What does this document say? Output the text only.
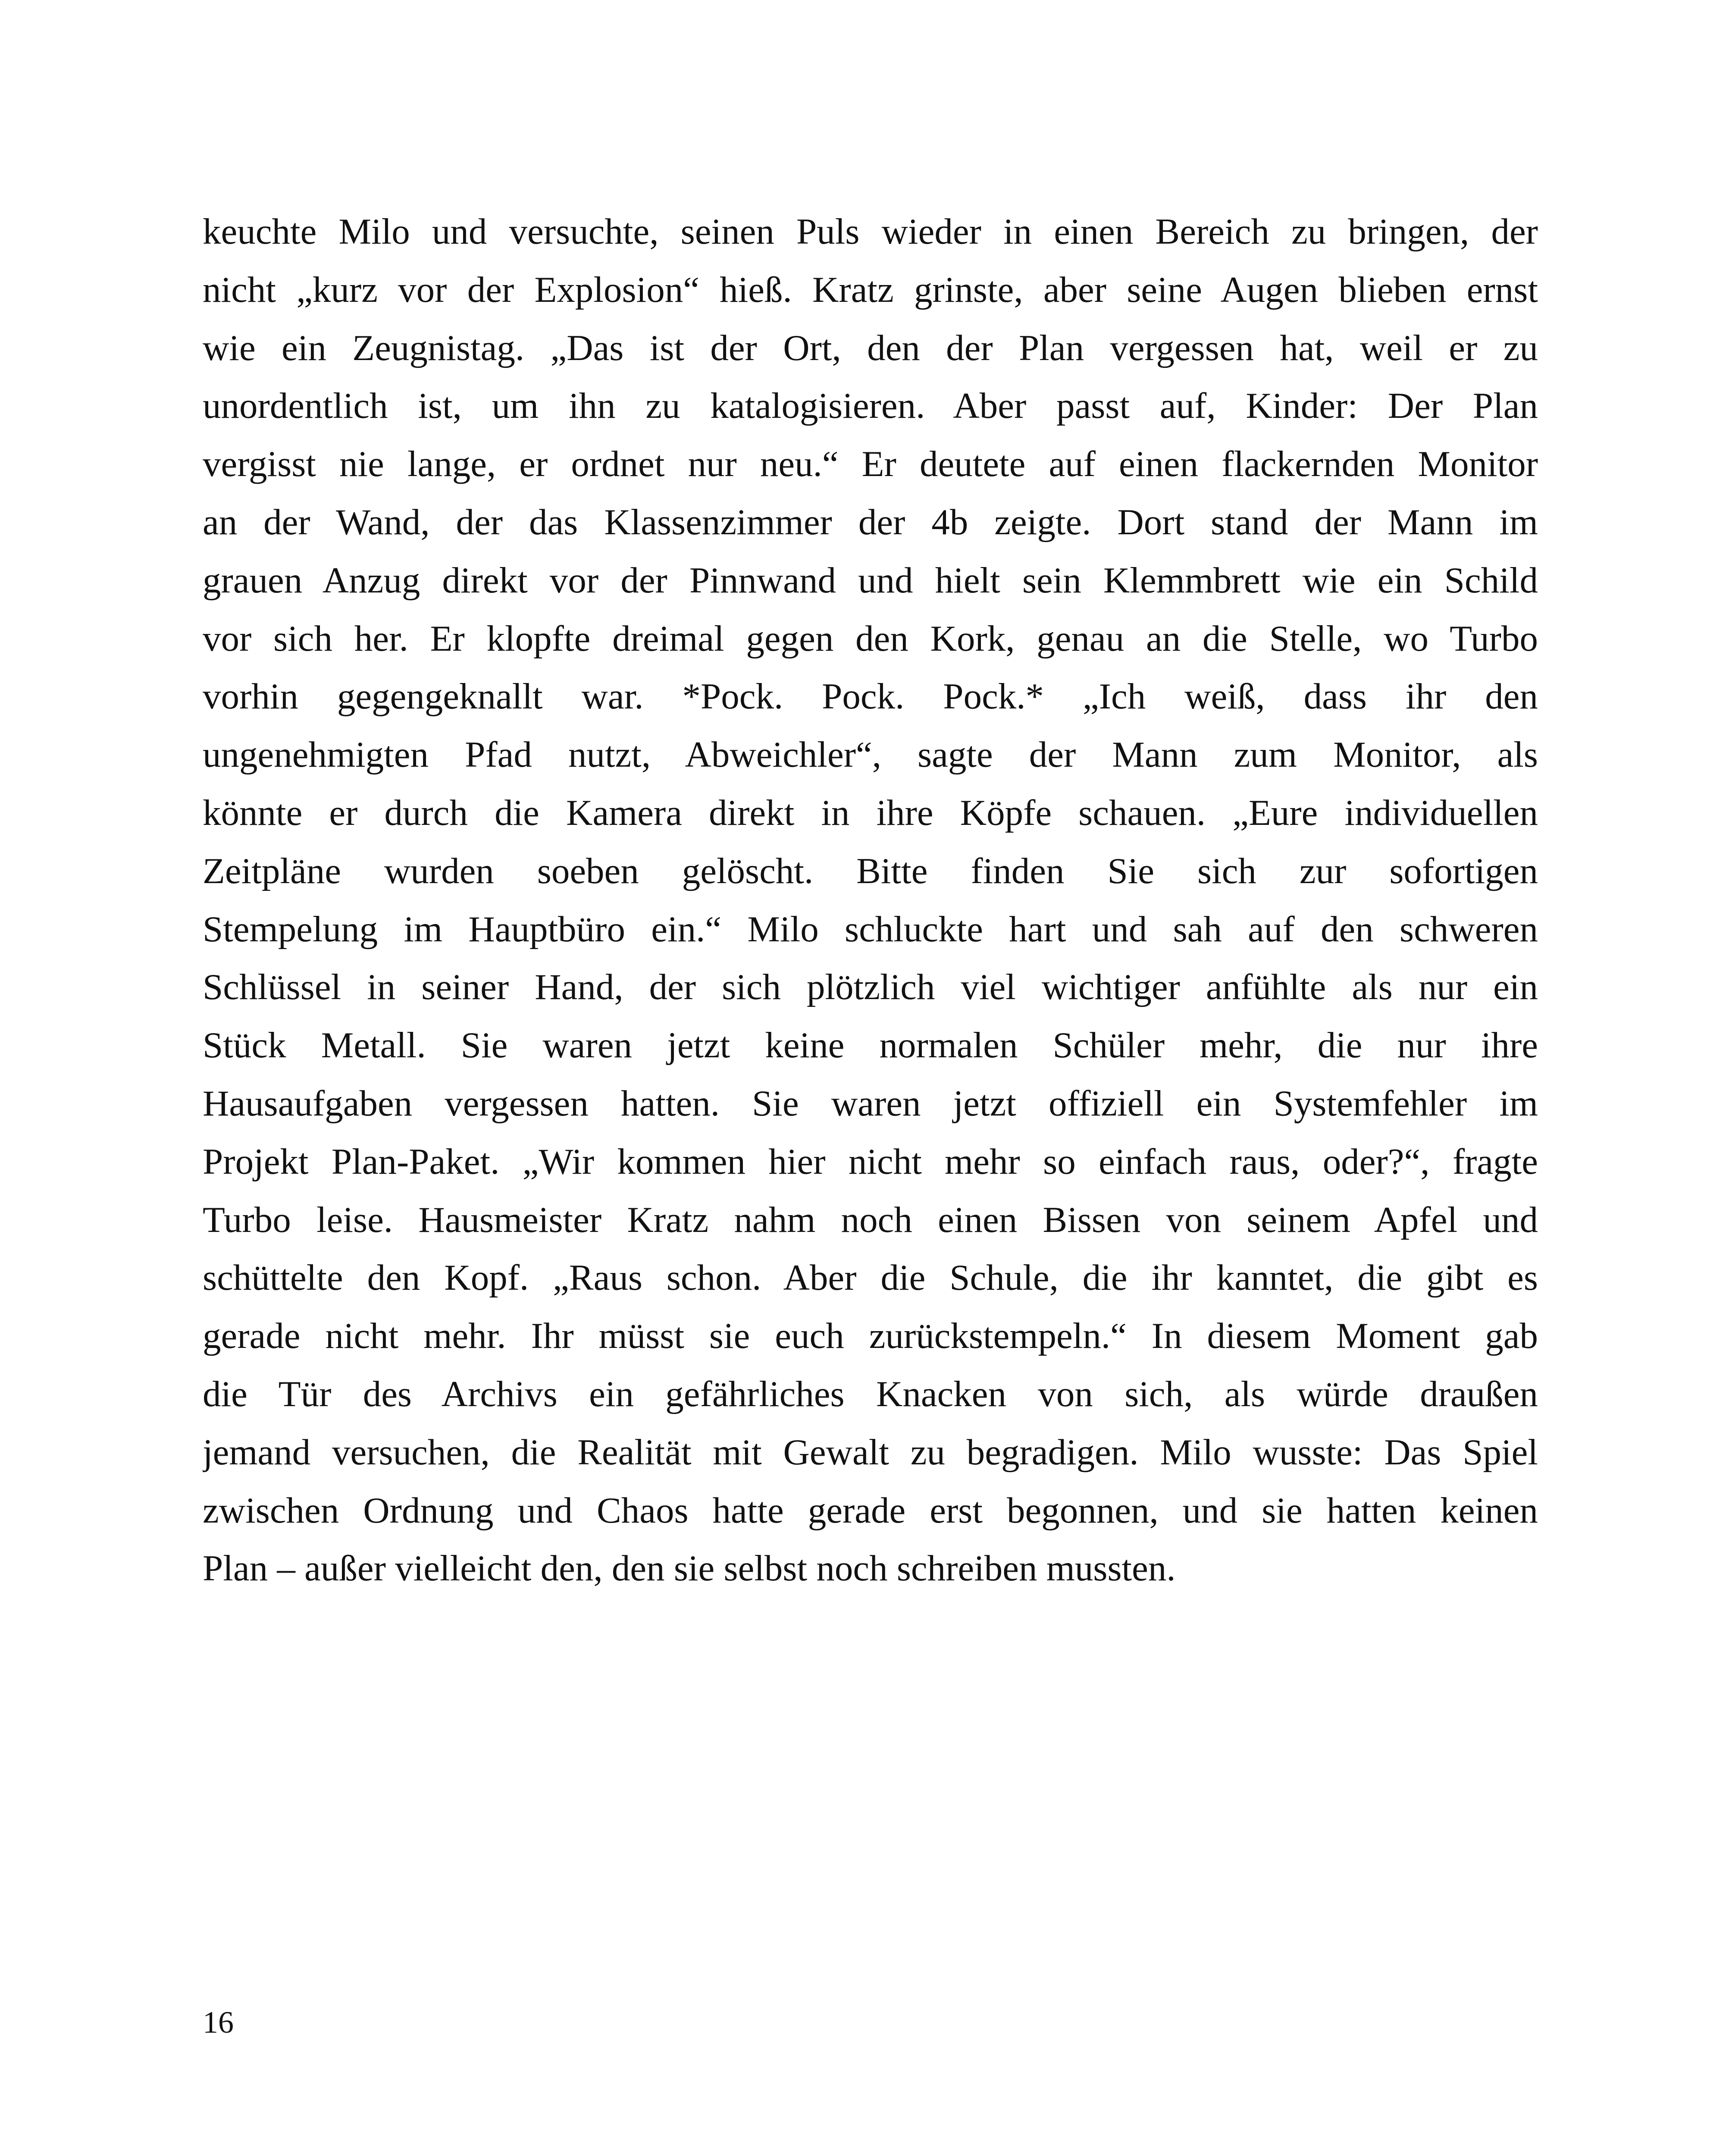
keuchte Milo und versuchte, seinen Puls wieder in einen Bereich zu bringen, der
nicht „kurz vor der Explosion“ hieß. Kratz grinste, aber seine Augen blieben ernst
wie ein Zeugnistag. „Das ist der Ort, den der Plan vergessen hat, weil er zu
unordentlich ist, um ihn zu katalogisieren. Aber passt auf, Kinder: Der Plan
vergisst nie lange, er ordnet nur neu.“ Er deutete auf einen flackernden Monitor
an der Wand, der das Klassenzimmer der 4b zeigte. Dort stand der Mann im
grauen Anzug direkt vor der Pinnwand und hielt sein Klemmbrett wie ein Schild
vor sich her. Er klopfte dreimal gegen den Kork, genau an die Stelle, wo Turbo
vorhin gegengeknallt war. *Pock. Pock. Pock.* „Ich weiß, dass ihr den
ungenehmigten Pfad nutzt, Abweichler“, sagte der Mann zum Monitor, als
könnte er durch die Kamera direkt in ihre Köpfe schauen. „Eure individuellen
Zeitpläne wurden soeben gelöscht. Bitte finden Sie sich zur sofortigen
Stempelung im Hauptbüro ein.“ Milo schluckte hart und sah auf den schweren
Schlüssel in seiner Hand, der sich plötzlich viel wichtiger anfühlte als nur ein
Stück Metall. Sie waren jetzt keine normalen Schüler mehr, die nur ihre
Hausaufgaben vergessen hatten. Sie waren jetzt offiziell ein Systemfehler im
Projekt Plan-Paket. „Wir kommen hier nicht mehr so einfach raus, oder?“, fragte
Turbo leise. Hausmeister Kratz nahm noch einen Bissen von seinem Apfel und
schüttelte den Kopf. „Raus schon. Aber die Schule, die ihr kanntet, die gibt es
gerade nicht mehr. Ihr müsst sie euch zurückstempeln.“ In diesem Moment gab
die Tür des Archivs ein gefährliches Knacken von sich, als würde draußen
jemand versuchen, die Realität mit Gewalt zu begradigen. Milo wusste: Das Spiel
zwischen Ordnung und Chaos hatte gerade erst begonnen, und sie hatten keinen
Plan – außer vielleicht den, den sie selbst noch schreiben mussten.
16
